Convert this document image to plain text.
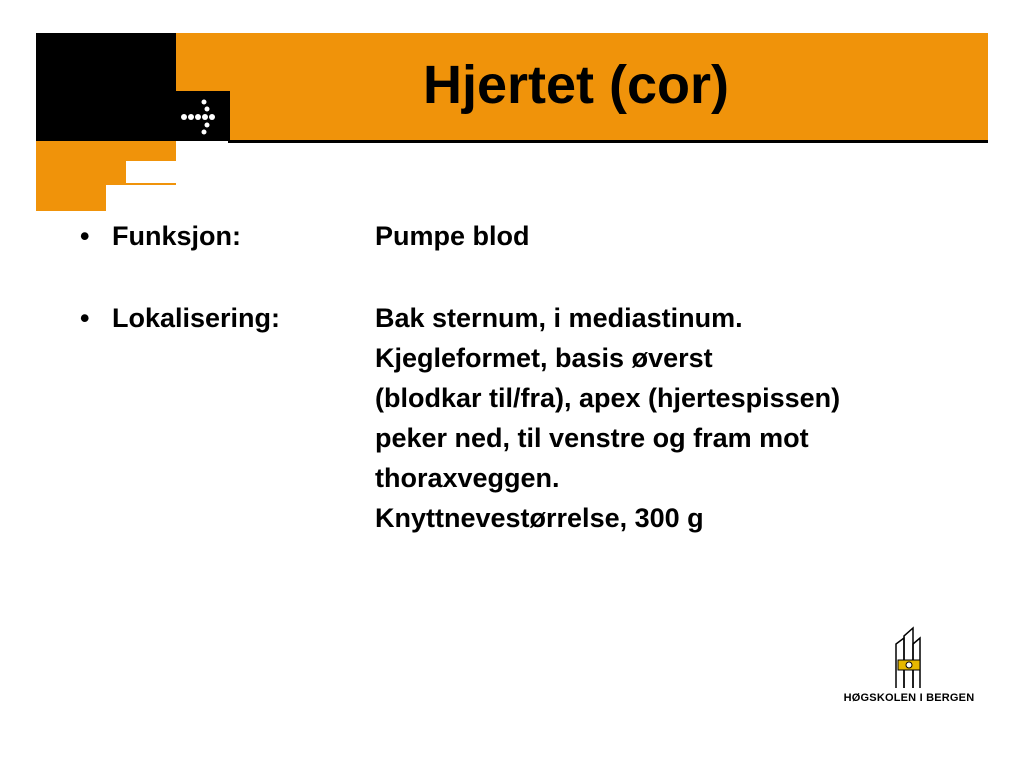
Hjertet (cor)
• Funksjon:	Pumpe blod
• Lokalisering:	Bak sternum, i mediastinum.
Kjegleformet, basis øverst
(blodkar til/fra), apex (hjertespissen)
peker ned, til venstre og fram mot
thoraxveggen.
Knyttnevestørrelse, 300 g
HØGSKOLEN I BERGEN
